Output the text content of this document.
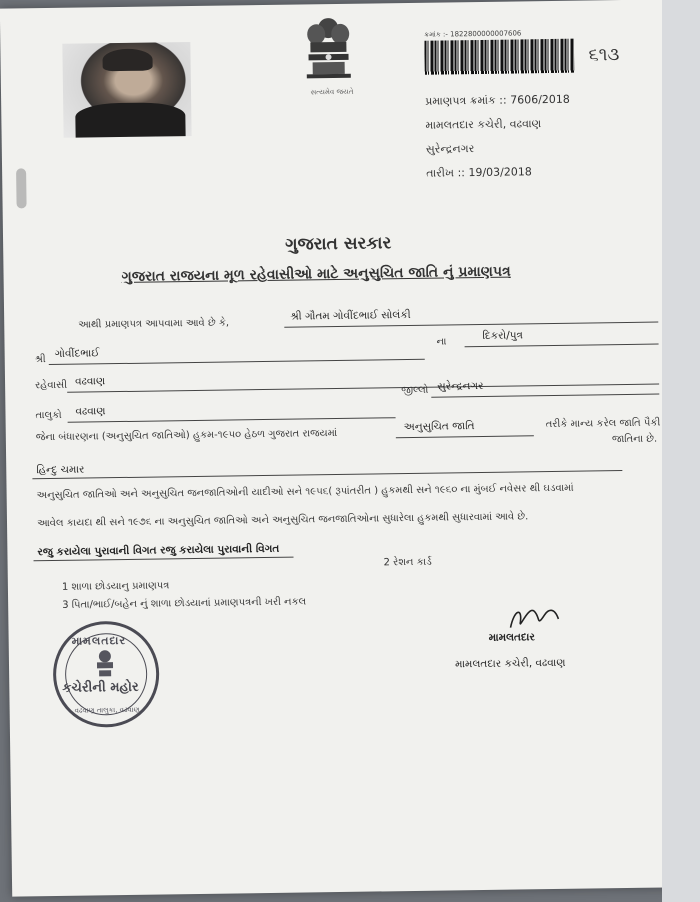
સત્યમેવ જયતે
ક્રમાંક :- 1822800000007606
૬૧૩
પ્રમાણપત્ર ક્રમાંક :: 7606/2018
મામલતદાર કચેરી, વઢવાણ
સુરેન્દ્રનગર
તારીખ :: 19/03/2018
ગુજરાત સરકાર
ગુજરાત રાજયના મૂળ રહેવાસીઓ માટે અનુસુચિત જાતિ નું પ્રમાણપત્ર
આથી પ્રમાણપત્ર આપવામા આવે છે કે,
શ્રી ગૌતમ ગોવીંદભાઈ સોલંકી
શ્રી ગોવીંદભાઈ
ના
દિકરો/પુત્ર
રહેવાસી વઢવાણ
તાલુકો વઢવાણ
જીલ્લો સુરેન્દ્રનગર
જેના બંધારણના (અનુસુચિત જાતિઓ) હુકમ-૧૯૫૦ હેઠળ ગુજરાત રાજયમાં
અનુસુચિત જાતિ	તરીકે માન્ય કરેલ જાતિ પૈકી
જાતિના છે.
હિન્દુ ચમાર
અનુસુચિત જાતિઓ અને અનુસુચિત જનજાતિઓની યાદીઓ સને ૧૯૫૬( રૂપાંતરીત ) હુકમથી સને ૧૯૬૦ ના મુંબઈ નવેસર થી ઘડવામાં
આવેલ કાયદા થી સને ૧૯૭૬ ના અનુસુચિત જાતિઓ અને અનુસુચિત જનજાતિઓના સુધારેલા હુકમથી સુધારવામાં આવે છે.
રજુ કરાયેલા પુરાવાની વિગત રજુ કરાયેલા પુરાવાની વિગત
1 શાળા છોડયાનુ પ્રમાણપત્ર
2 રેશન કાર્ડ
3 પિતા/ભાઈ/બહેન નું શાળા છોડયાનાં પ્રમાણપત્રની ખરી નકલ
મામલતદાર
મામલતદાર કચેરી, વઢવાણ
મામલતદાર
કચેરીની મહોર
વઢવાણ તાલુકા, વઢવાણ
